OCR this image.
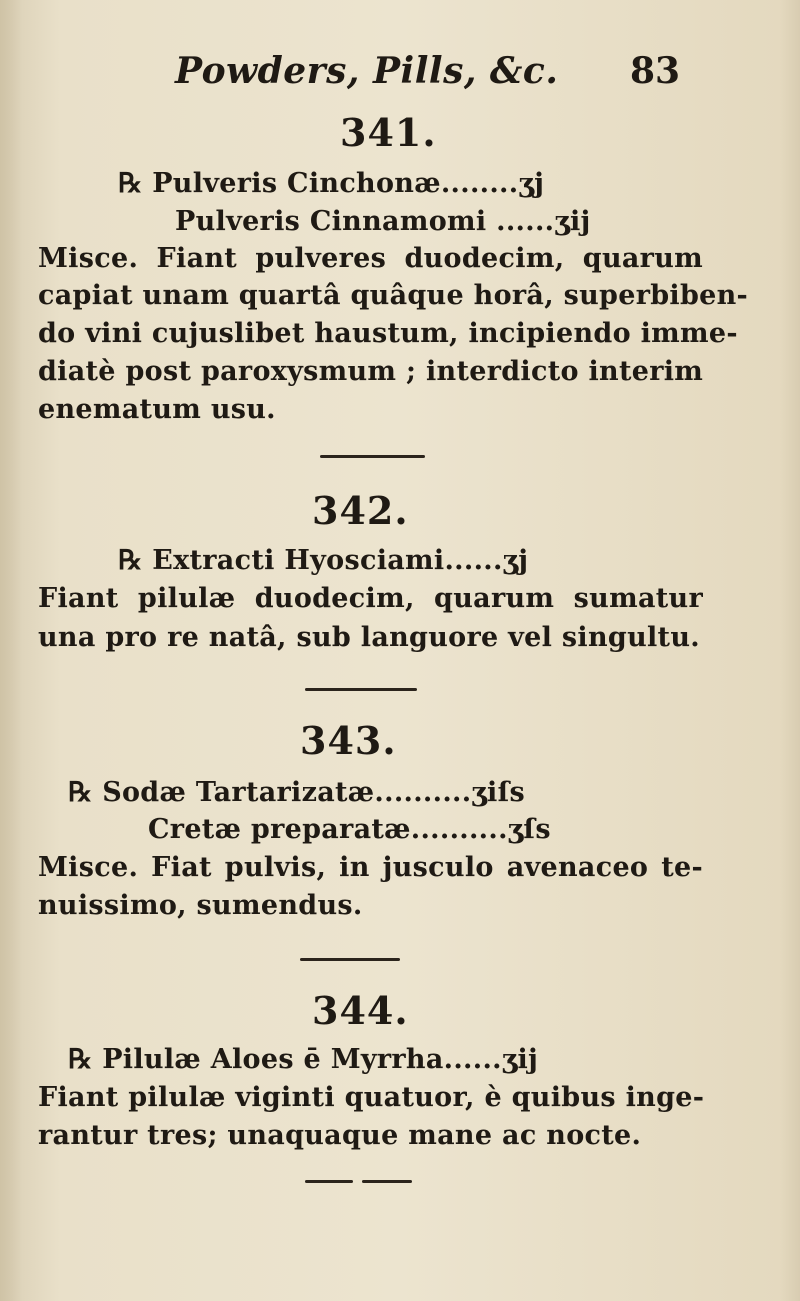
Powders, Pills, &c. 83
341.
℞ Pulveris Cinchonæ........ʒj
Pulveris Cinnamomi ......ʒij
Misce. Fiant pulveres duodecim, quarum
capiat unam quartâ quâque horâ, superbiben-
do vini cujuslibet haustum, incipiendo imme-
diatè post paroxysmum ; interdicto interim
enematum usu.
342.
℞ Extracti Hyosciami......ʒj
Fiant pilulæ duodecim, quarum sumatur
una pro re natâ, sub languore vel singultu.
343.
℞ Sodæ Tartarizatæ..........ʒiſs
Cretæ preparatæ..........ʒſs
Misce. Fiat pulvis, in jusculo avenaceo te-
nuissimo, sumendus.
344.
℞ Pilulæ Aloes ē Myrrha......ʒij
Fiant pilulæ viginti quatuor, è quibus inge-
rantur tres; unaquaque mane ac nocte.
